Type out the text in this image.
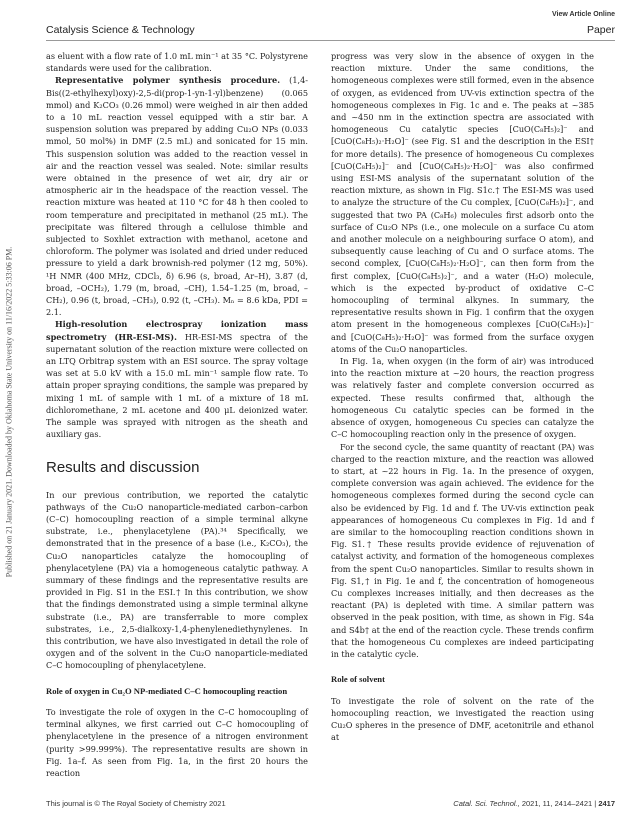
View Article Online
Catalysis Science & Technology	Paper
Published on 21 January 2021. Downloaded by Oklahoma State University on 11/16/2022 5:33:06 PM.

as eluent with a flow rate of 1.0 mL min⁻¹ at 35 °C. Polystyrene standards were used for the calibration.

Representative polymer synthesis procedure. (1,4-Bis((2-ethylhexyl)oxy)-2,5-di(prop-1-yn-1-yl)benzene) (0.065 mmol) and K₂CO₃ (0.26 mmol) were weighed in air then added to a 10 mL reaction vessel equipped with a stir bar. A suspension solution was prepared by adding Cu₂O NPs (0.033 mmol, 50 mol%) in DMF (2.5 mL) and sonicated for 15 min. This suspension solution was added to the reaction vessel in air and the reaction vessel was sealed. Note: similar results were obtained in the presence of wet air, dry air or atmospheric air in the headspace of the reaction vessel. The reaction mixture was heated at 110 °C for 48 h then cooled to room temperature and precipitated in methanol (25 mL). The precipitate was filtered through a cellulose thimble and subjected to Soxhlet extraction with methanol, acetone and chloroform. The polymer was isolated and dried under reduced pressure to yield a dark brownish-red polymer (12 mg, 50%). ¹H NMR (400 MHz, CDCl₃, δ) 6.96 (s, broad, Ar–H), 3.87 (d, broad, –OCH₂), 1.79 (m, broad, –CH), 1.54–1.25 (m, broad, –CH₂), 0.96 (t, broad, –CH₃), 0.92 (t, –CH₃). Mₙ = 8.6 kDa, PDI = 2.1.

High-resolution electrospray ionization mass spectrometry (HR-ESI-MS). HR-ESI-MS spectra of the supernatant solution of the reaction mixture were collected on an LTQ Orbitrap system with an ESI source. The spray voltage was set at 5.0 kV with a 15.0 mL min⁻¹ sample flow rate. To attain proper spraying conditions, the sample was prepared by mixing 1 mL of sample with 1 mL of a mixture of 18 mL dichloromethane, 2 mL acetone and 400 μL deionized water. The sample was sprayed with nitrogen as the sheath and auxiliary gas.

Results and discussion

In our previous contribution, we reported the catalytic pathways of the Cu₂O nanoparticle-mediated carbon–carbon (C–C) homocoupling reaction of a simple terminal alkyne substrate, i.e., phenylacetylene (PA).³⁴ Specifically, we demonstrated that in the presence of a base (i.e., K₂CO₃), the Cu₂O nanoparticles catalyze the homocoupling of phenylacetylene (PA) via a homogeneous catalytic pathway. A summary of these findings and the representative results are provided in Fig. S1 in the ESI.† In this contribution, we show that the findings demonstrated using a simple terminal alkyne substrate (i.e., PA) are transferrable to more complex substrates, i.e., 2,5-dialkoxy-1,4-phenylenediethynylenes. In this contribution, we have also investigated in detail the role of oxygen and of the solvent in the Cu₂O nanoparticle-mediated C–C homocoupling of phenylacetylene.

Role of oxygen in Cu₂O NP-mediated C–C homocoupling reaction

To investigate the role of oxygen in the C–C homocoupling of terminal alkynes, we first carried out C–C homocoupling of phenylacetylene in the presence of a nitrogen environment (purity >99.999%). The representative results are shown in Fig. 1a–f. As seen from Fig. 1a, in the first 20 hours the reaction

progress was very slow in the absence of oxygen in the reaction mixture. Under the same conditions, the homogeneous complexes were still formed, even in the absence of oxygen, as evidenced from UV-vis extinction spectra of the homogeneous complexes in Fig. 1c and e. The peaks at ~385 and ~450 nm in the extinction spectra are associated with homogeneous Cu catalytic species [CuO(C₈H₅)₂]⁻ and [CuO(C₈H₅)₂·H₂O]⁻ (see Fig. S1 and the description in the ESI† for more details). The presence of homogeneous Cu complexes [CuO(C₈H₅)₂]⁻ and [CuO(C₈H₅)₂·H₂O]⁻ was also confirmed using ESI-MS analysis of the supernatant solution of the reaction mixture, as shown in Fig. S1c.† The ESI-MS was used to analyze the structure of the Cu complex, [CuO(C₈H₅)₂]⁻, and suggested that two PA (C₈H₆) molecules first adsorb onto the surface of Cu₂O NPs (i.e., one molecule on a surface Cu atom and another molecule on a neighbouring surface O atom), and subsequently cause leaching of Cu and O surface atoms. The second complex, [CuO(C₈H₅)₂·H₂O]⁻, can then form from the first complex, [CuO(C₈H₅)₂]⁻, and a water (H₂O) molecule, which is the expected by-product of oxidative C–C homocoupling of terminal alkynes. In summary, the representative results shown in Fig. 1 confirm that the oxygen atom present in the homogeneous complexes [CuO(C₈H₅)₂]⁻ and [CuO(C₈H₅)₂·H₂O]⁻ was formed from the surface oxygen atoms of the Cu₂O nanoparticles.

In Fig. 1a, when oxygen (in the form of air) was introduced into the reaction mixture at ~20 hours, the reaction progress was relatively faster and complete conversion occurred as expected. These results confirmed that, although the homogeneous Cu catalytic species can be formed in the absence of oxygen, homogeneous Cu species can catalyze the C–C homocoupling reaction only in the presence of oxygen.

For the second cycle, the same quantity of reactant (PA) was charged to the reaction mixture, and the reaction was allowed to start, at ~22 hours in Fig. 1a. In the presence of oxygen, complete conversion was again achieved. The evidence for the homogeneous complexes formed during the second cycle can also be evidenced by Fig. 1d and f. The UV-vis extinction peak appearances of homogeneous Cu complexes in Fig. 1d and f are similar to the homocoupling reaction conditions shown in Fig. S1.† These results provide evidence of rejuvenation of catalyst activity, and formation of the homogeneous complexes from the spent Cu₂O nanoparticles. Similar to results shown in Fig. S1,† in Fig. 1e and f, the concentration of homogeneous Cu complexes increases initially, and then decreases as the reactant (PA) is depleted with time. A similar pattern was observed in the peak position, with time, as shown in Fig. S4a and S4b† at the end of the reaction cycle. These trends confirm that the homogeneous Cu complexes are indeed participating in the catalytic cycle.

Role of solvent

To investigate the role of solvent on the rate of the homocoupling reaction, we investigated the reaction using Cu₂O spheres in the presence of DMF, acetonitrile and ethanol at

This journal is © The Royal Society of Chemistry 2021	Catal. Sci. Technol., 2021, 11, 2414–2421 | 2417
